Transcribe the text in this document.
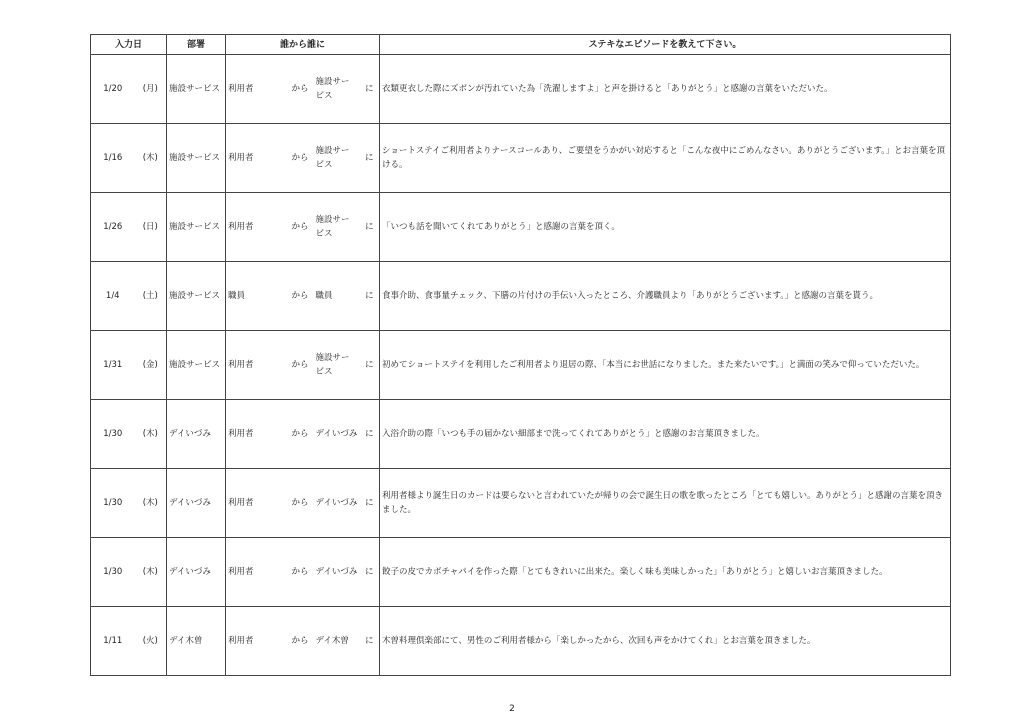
入力日		部署	誰から誰に				ステキなエピソードを教えて下さい。
1/20	(月)	施設サービス	利用者	から	施設サービス	に	衣類更衣した際にズボンが汚れていた為「洗濯しますよ」と声を掛けると「ありがとう」と感謝の言葉をいただいた。
1/16	(木)	施設サービス	利用者	から	施設サービス	に	ショートステイご利用者よりナースコールあり、ご要望をうかがい対応すると「こんな夜中にごめんなさい。ありがとうございます。」とお言葉を頂ける。
1/26	(日)	施設サービス	利用者	から	施設サービス	に	「いつも話を聞いてくれてありがとう」と感謝の言葉を頂く。
1/4	(土)	施設サービス	職員	から	職員	に	食事介助、食事量チェック、下膳の片付けの手伝い入ったところ、介護職員より「ありがとうございます。」と感謝の言葉を貰う。
1/31	(金)	施設サービス	利用者	から	施設サービス	に	初めてショートステイを利用したご利用者より退居の際、「本当にお世話になりました。また来たいです。」と満面の笑みで仰っていただいた。
1/30	(木)	デイいづみ	利用者	から	デイいづみ	に	入浴介助の際「いつも手の届かない細部まで洗ってくれてありがとう」と感謝のお言葉頂きました。
1/30	(木)	デイいづみ	利用者	から	デイいづみ	に	利用者様より誕生日のカードは要らないと言われていたが帰りの会で誕生日の歌を歌ったところ「とても嬉しい。ありがとう」と感謝の言葉を頂きました。
1/30	(木)	デイいづみ	利用者	から	デイいづみ	に	餃子の皮でカボチャパイを作った際「とてもきれいに出来た。楽しく味も美味しかった」「ありがとう」と嬉しいお言葉頂きました。
1/11	(火)	デイ木曽	利用者	から	デイ木曽	に	木曽料理倶楽部にて、男性のご利用者様から「楽しかったから、次回も声をかけてくれ」とお言葉を頂きました。
2
